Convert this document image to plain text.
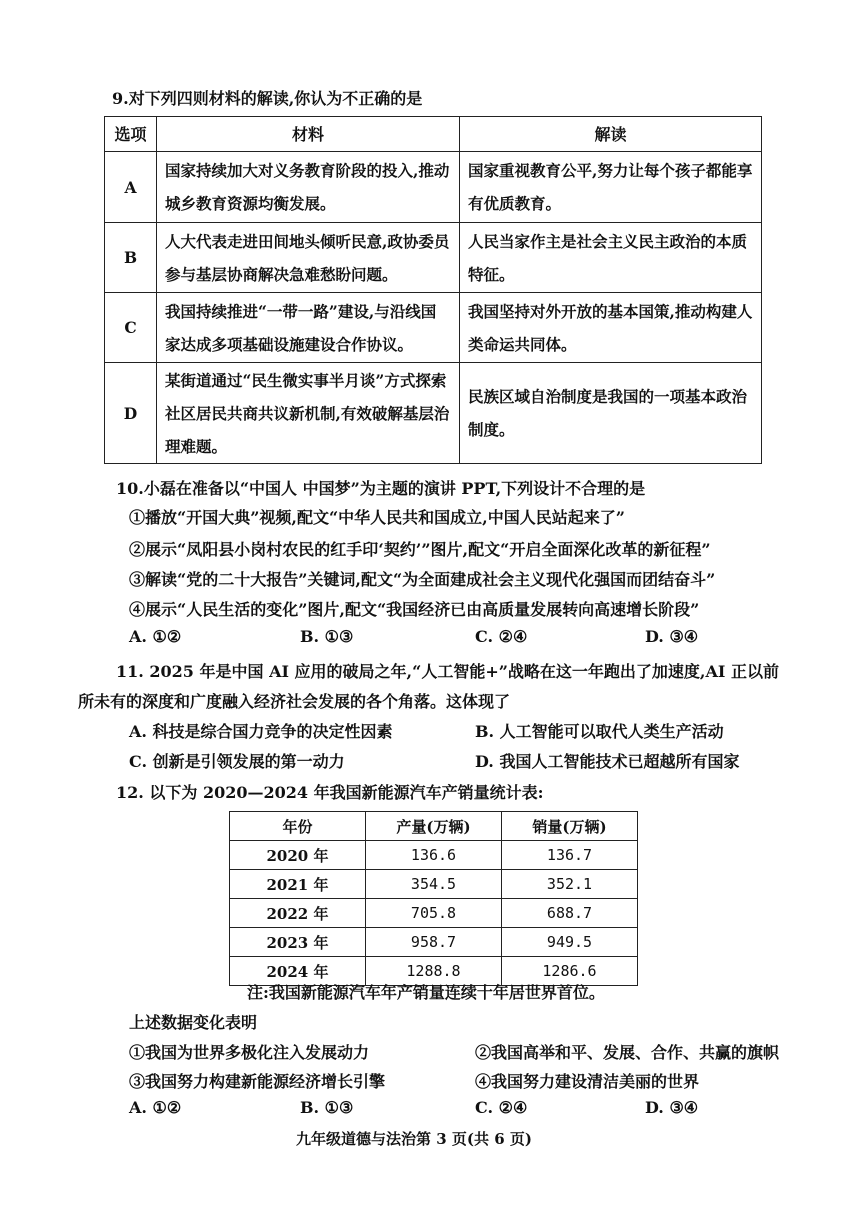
9.对下列四则材料的解读,你认为不正确的是
选项	材料	解读
A	国家持续加大对义务教育阶段的投入,推动城乡教育资源均衡发展。	国家重视教育公平,努力让每个孩子都能享有优质教育。
B	人大代表走进田间地头倾听民意,政协委员参与基层协商解决急难愁盼问题。	人民当家作主是社会主义民主政治的本质特征。
C	我国持续推进“一带一路”建设,与沿线国家达成多项基础设施建设合作协议。	我国坚持对外开放的基本国策,推动构建人类命运共同体。
D	某街道通过“民生微实事半月谈”方式探索社区居民共商共议新机制,有效破解基层治理难题。	民族区域自治制度是我国的一项基本政治制度。
10.小磊在准备以“中国人 中国梦”为主题的演讲 PPT,下列设计不合理的是
①播放“开国大典”视频,配文“中华人民共和国成立,中国人民站起来了”
②展示“凤阳县小岗村农民的红手印‘契约’”图片,配文“开启全面深化改革的新征程”
③解读“党的二十大报告”关键词,配文“为全面建成社会主义现代化强国而团结奋斗”
④展示“人民生活的变化”图片,配文“我国经济已由高质量发展转向高速增长阶段”
A. ①②	B. ①③	C. ②④	D. ③④
11. 2025 年是中国 AI 应用的破局之年,“人工智能+”战略在这一年跑出了加速度,AI 正以前
所未有的深度和广度融入经济社会发展的各个角落。这体现了
A. 科技是综合国力竞争的决定性因素	B. 人工智能可以取代人类生产活动
C. 创新是引领发展的第一动力	D. 我国人工智能技术已超越所有国家
12. 以下为 2020—2024 年我国新能源汽车产销量统计表:
年份	产量(万辆)	销量(万辆)
2020 年	136.6	136.7
2021 年	354.5	352.1
2022 年	705.8	688.7
2023 年	958.7	949.5
2024 年	1288.8	1286.6
注:我国新能源汽车年产销量连续十年居世界首位。
上述数据变化表明
①我国为世界多极化注入发展动力	②我国高举和平、发展、合作、共赢的旗帜
③我国努力构建新能源经济增长引擎	④我国努力建设清洁美丽的世界
A. ①②	B. ①③	C. ②④	D. ③④
九年级道德与法治第 3 页(共 6 页)
